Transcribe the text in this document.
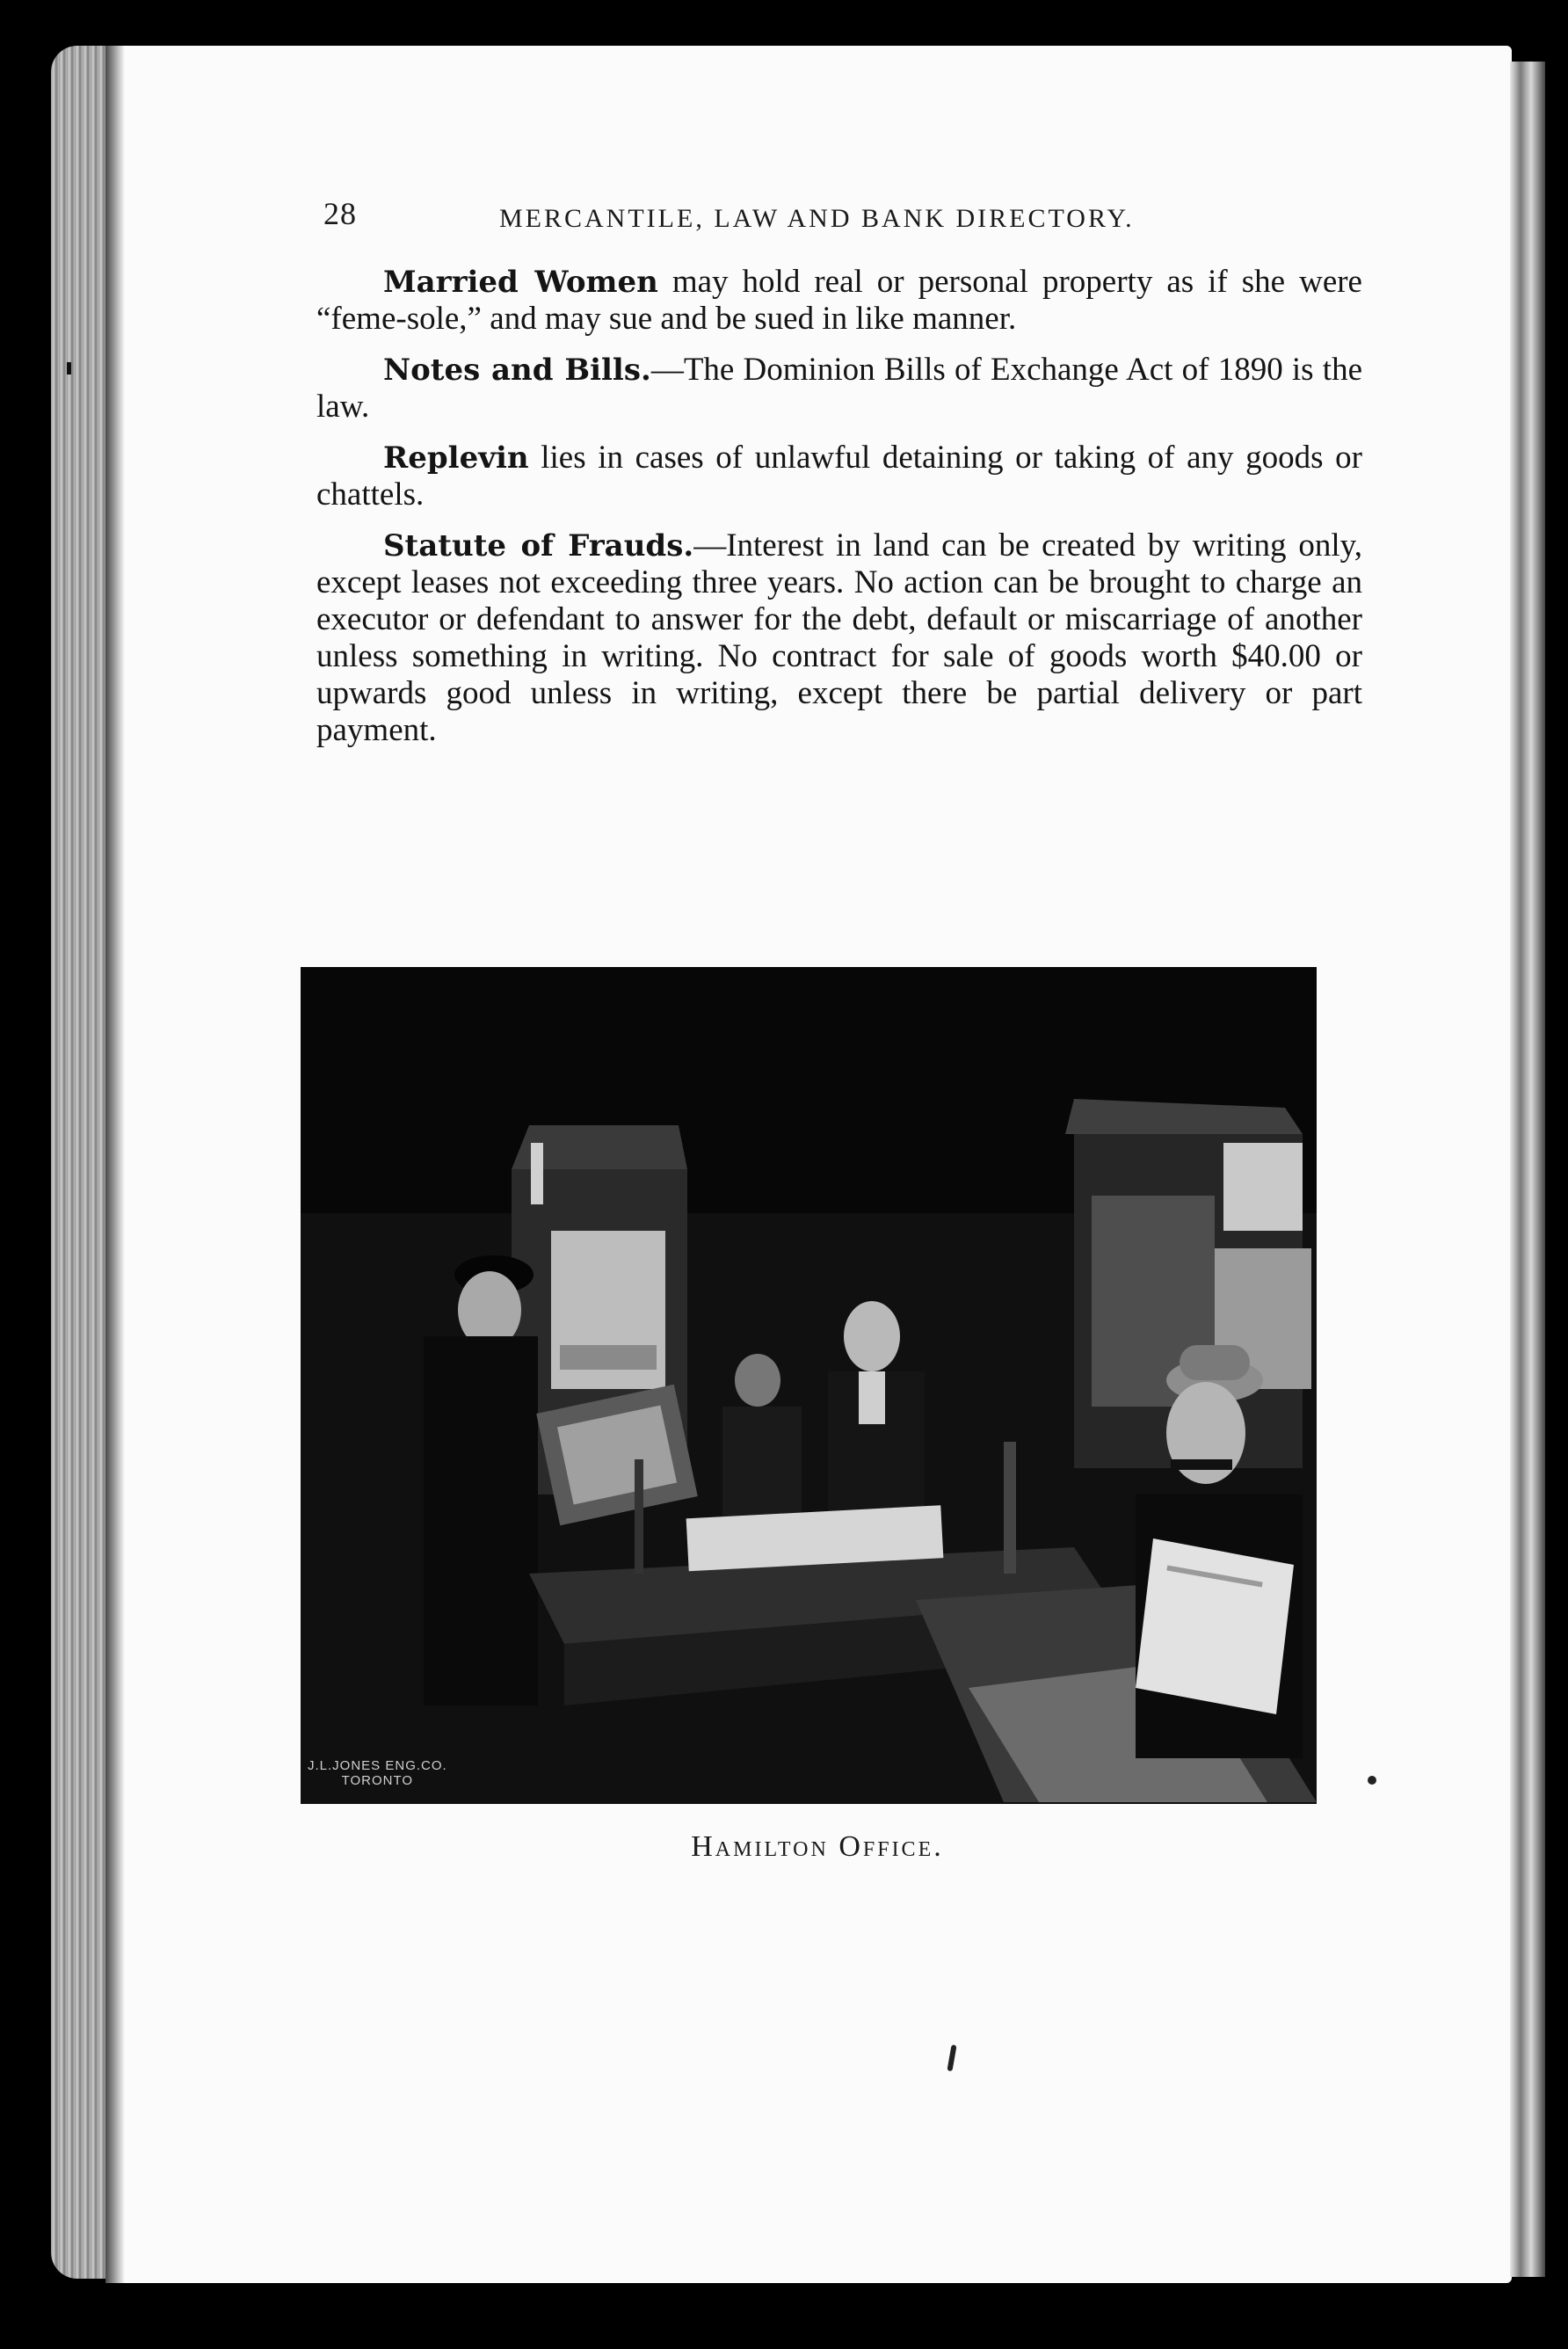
28	MERCANTILE, LAW AND BANK DIRECTORY.

Married Women may hold real or personal property as if she were “feme-sole,” and may sue and be sued in like manner.

Notes and Bills.—The Dominion Bills of Exchange Act of 1890 is the law.

Replevin lies in cases of unlawful detaining or taking of any goods or chattels.

Statute of Frauds.—Interest in land can be created by writing only, except leases not exceeding three years. No action can be brought to charge an executor or defendant to answer for the debt, default or miscarriage of another unless something in writing. No contract for sale of goods worth $40.00 or upwards good unless in writing, except there be partial delivery or part payment.

J.L.JONES ENG.CO.
TORONTO
Hamilton Office.
